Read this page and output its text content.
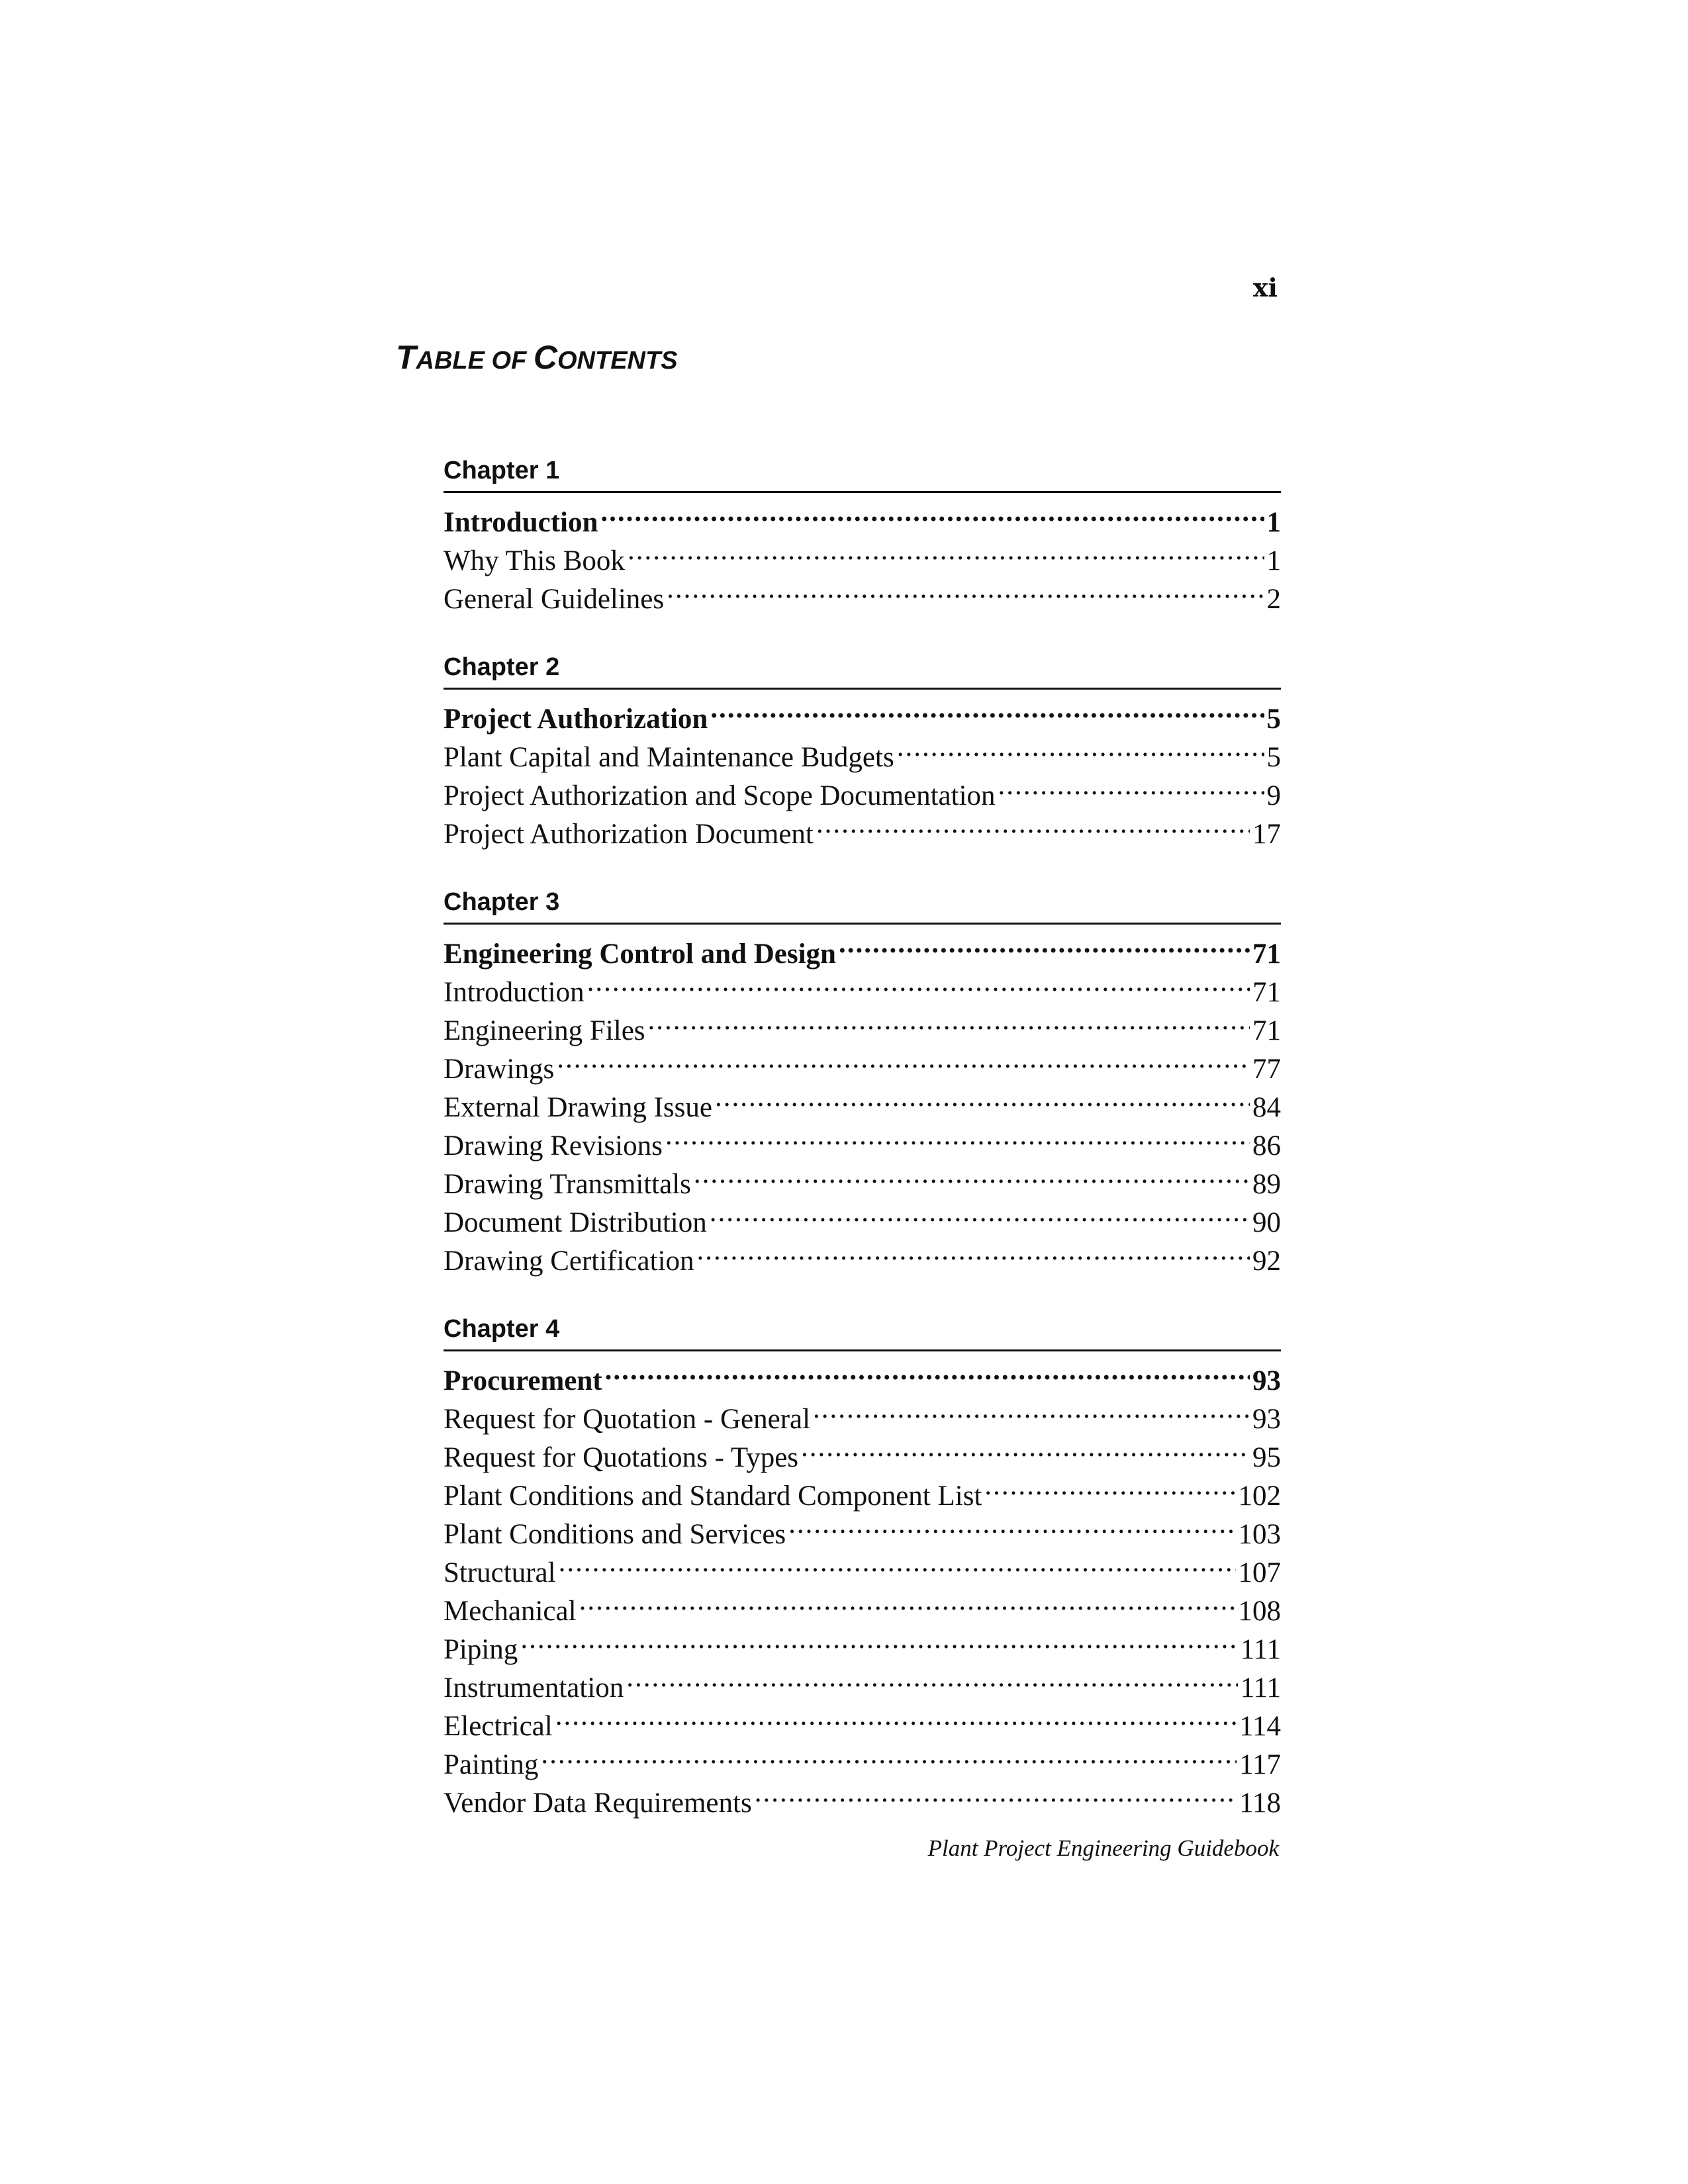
xi
TABLE OF CONTENTS
Chapter 1
Introduction .....	1
Why This Book .....	1
General Guidelines .....	2
Chapter 2
Project Authorization .....	5
Plant Capital and Maintenance Budgets .....	5
Project Authorization and Scope Documentation .....	9
Project Authorization Document .....	17
Chapter 3
Engineering Control and Design .....	71
Introduction .....	71
Engineering Files .....	71
Drawings .....	77
External Drawing Issue .....	84
Drawing Revisions .....	86
Drawing Transmittals .....	89
Document Distribution .....	90
Drawing Certification .....	92
Chapter 4
Procurement .....	93
Request for Quotation - General .....	93
Request for Quotations - Types .....	95
Plant Conditions and Standard Component List .....	102
Plant Conditions and Services .....	103
Structural .....	107
Mechanical .....	108
Piping .....	111
Instrumentation .....	111
Electrical .....	114
Painting .....	117
Vendor Data Requirements .....	118
Plant Project Engineering Guidebook
